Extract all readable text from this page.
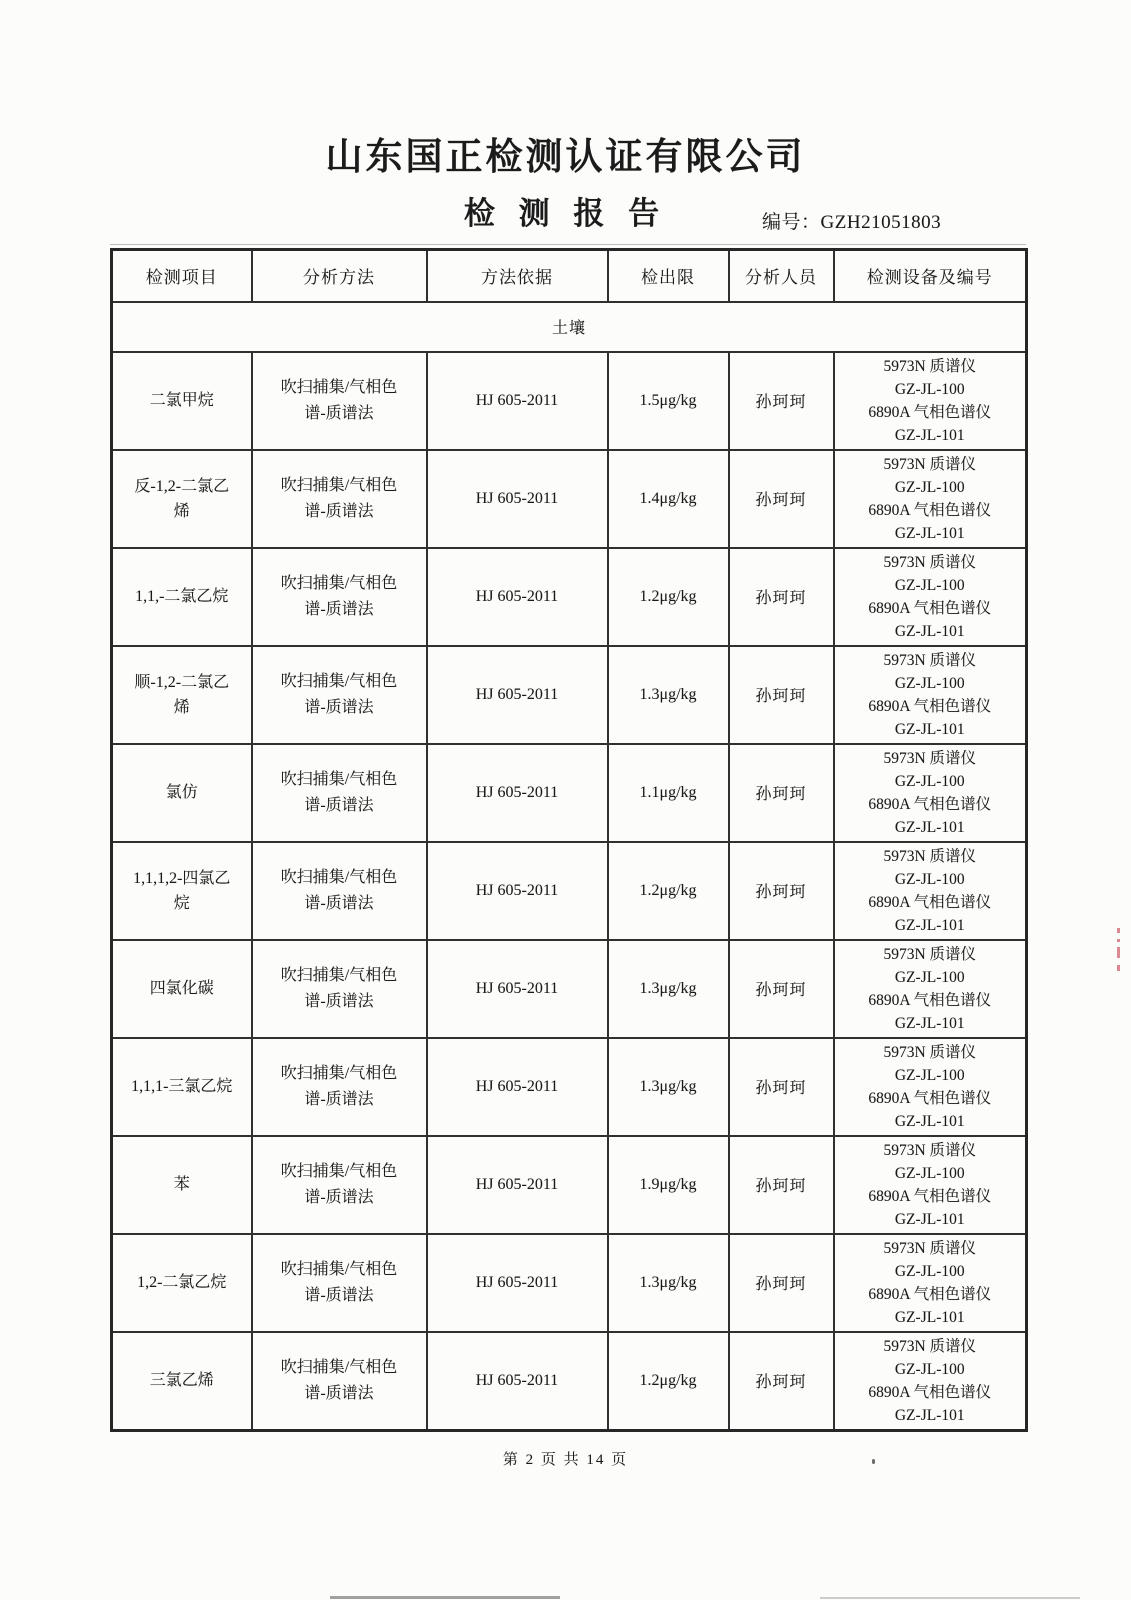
山东国正检测认证有限公司
检 测 报 告	编号：GZH21051803
检测项目	分析方法	方法依据	检出限	分析人员	检测设备及编号
土壤					
二氯甲烷	吹扫捕集/气相色谱-质谱法	HJ 605-2011	1.5μg/kg	孙珂珂	5973N 质谱仪
GZ-JL-100
6890A 气相色谱仪
GZ-JL-101

反-1,2-二氯乙烯	吹扫捕集/气相色谱-质谱法	HJ 605-2011	1.4μg/kg	孙珂珂	5973N 质谱仪
GZ-JL-100
6890A 气相色谱仪
GZ-JL-101

1,1,-二氯乙烷	吹扫捕集/气相色谱-质谱法	HJ 605-2011	1.2μg/kg	孙珂珂	5973N 质谱仪
GZ-JL-100
6890A 气相色谱仪
GZ-JL-101

顺-1,2-二氯乙烯	吹扫捕集/气相色谱-质谱法	HJ 605-2011	1.3μg/kg	孙珂珂	5973N 质谱仪
GZ-JL-100
6890A 气相色谱仪
GZ-JL-101

氯仿	吹扫捕集/气相色谱-质谱法	HJ 605-2011	1.1μg/kg	孙珂珂	5973N 质谱仪
GZ-JL-100
6890A 气相色谱仪
GZ-JL-101

1,1,1,2-四氯乙烷	吹扫捕集/气相色谱-质谱法	HJ 605-2011	1.2μg/kg	孙珂珂	5973N 质谱仪
GZ-JL-100
6890A 气相色谱仪
GZ-JL-101

四氯化碳	吹扫捕集/气相色谱-质谱法	HJ 605-2011	1.3μg/kg	孙珂珂	5973N 质谱仪
GZ-JL-100
6890A 气相色谱仪
GZ-JL-101

1,1,1-三氯乙烷	吹扫捕集/气相色谱-质谱法	HJ 605-2011	1.3μg/kg	孙珂珂	5973N 质谱仪
GZ-JL-100
6890A 气相色谱仪
GZ-JL-101

苯	吹扫捕集/气相色谱-质谱法	HJ 605-2011	1.9μg/kg	孙珂珂	5973N 质谱仪
GZ-JL-100
6890A 气相色谱仪
GZ-JL-101

1,2-二氯乙烷	吹扫捕集/气相色谱-质谱法	HJ 605-2011	1.3μg/kg	孙珂珂	5973N 质谱仪
GZ-JL-100
6890A 气相色谱仪
GZ-JL-101

三氯乙烯	吹扫捕集/气相色谱-质谱法	HJ 605-2011	1.2μg/kg	孙珂珂	5973N 质谱仪
GZ-JL-100
6890A 气相色谱仪
GZ-JL-101
第 2 页 共 14 页
